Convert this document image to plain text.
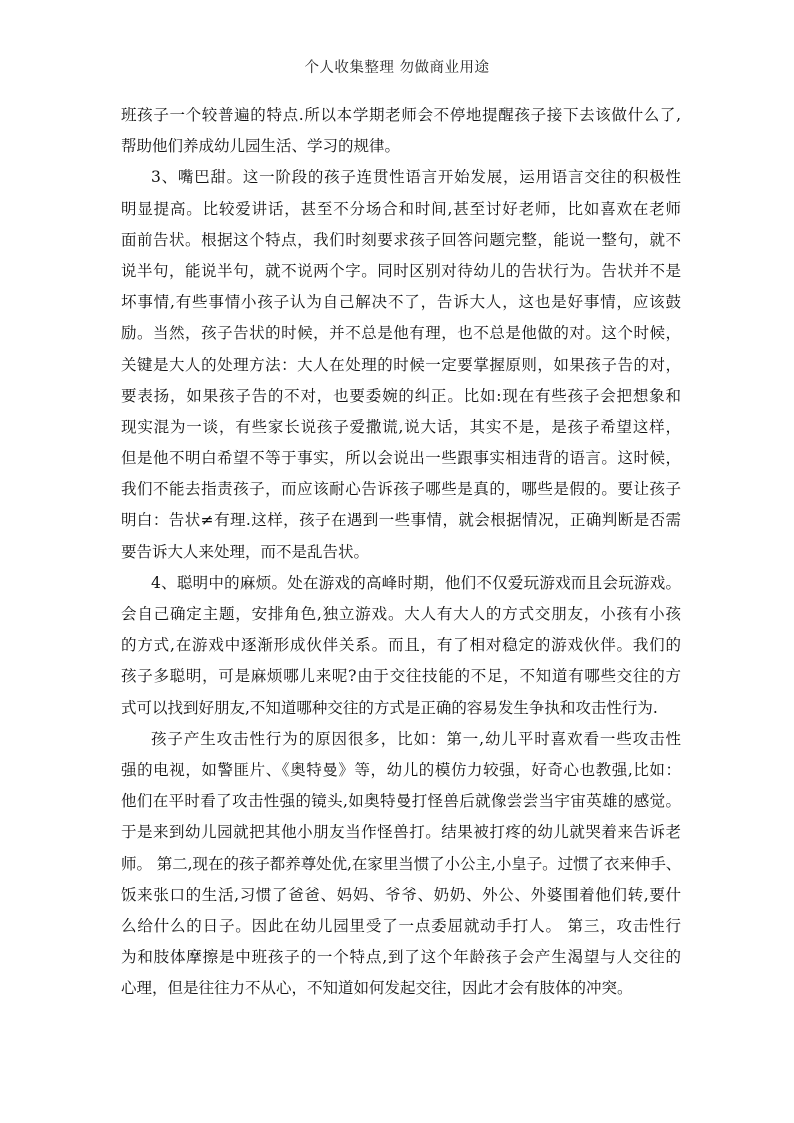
个人收集整理 勿做商业用途
班孩子一个较普遍的特点.所以本学期老师会不停地提醒孩子接下去该做什么了,
帮助他们养成幼儿园生活、学习的规律。
3、嘴巴甜。这一阶段的孩子连贯性语言开始发展，运用语言交往的积极性
明显提高。比较爱讲话，甚至不分场合和时间,甚至讨好老师，比如喜欢在老师
面前告状。根据这个特点，我们时刻要求孩子回答问题完整，能说一整句，就不
说半句，能说半句，就不说两个字。同时区别对待幼儿的告状行为。告状并不是
坏事情,有些事情小孩子认为自己解决不了，告诉大人，这也是好事情，应该鼓
励。当然，孩子告状的时候，并不总是他有理，也不总是他做的对。这个时候，
关键是大人的处理方法：大人在处理的时候一定要掌握原则，如果孩子告的对，
要表扬，如果孩子告的不对，也要委婉的纠正。比如:现在有些孩子会把想象和
现实混为一谈，有些家长说孩子爱撒谎,说大话，其实不是，是孩子希望这样，
但是他不明白希望不等于事实，所以会说出一些跟事实相违背的语言。这时候，
我们不能去指责孩子，而应该耐心告诉孩子哪些是真的，哪些是假的。要让孩子
明白：告状≠有理.这样，孩子在遇到一些事情，就会根据情况，正确判断是否需
要告诉大人来处理，而不是乱告状。
4、聪明中的麻烦。处在游戏的高峰时期，他们不仅爱玩游戏而且会玩游戏。
会自己确定主题，安排角色,独立游戏。大人有大人的方式交朋友，小孩有小孩
的方式,在游戏中逐渐形成伙伴关系。而且，有了相对稳定的游戏伙伴。我们的
孩子多聪明，可是麻烦哪儿来呢?由于交往技能的不足，不知道有哪些交往的方
式可以找到好朋友,不知道哪种交往的方式是正确的容易发生争执和攻击性行为.
孩子产生攻击性行为的原因很多，比如：第一,幼儿平时喜欢看一些攻击性
强的电视，如警匪片、《奥特曼》等，幼儿的模仿力较强，好奇心也教强,比如：
他们在平时看了攻击性强的镜头,如奥特曼打怪兽后就像尝尝当宇宙英雄的感觉。
于是来到幼儿园就把其他小朋友当作怪兽打。结果被打疼的幼儿就哭着来告诉老
师。 第二,现在的孩子都养尊处优,在家里当惯了小公主,小皇子。过惯了衣来伸手、
饭来张口的生活,习惯了爸爸、妈妈、爷爷、奶奶、外公、外婆围着他们转,要什
么给什么的日子。因此在幼儿园里受了一点委屈就动手打人。 第三，攻击性行
为和肢体摩擦是中班孩子的一个特点,到了这个年龄孩子会产生渴望与人交往的
心理，但是往往力不从心，不知道如何发起交往，因此才会有肢体的冲突。
